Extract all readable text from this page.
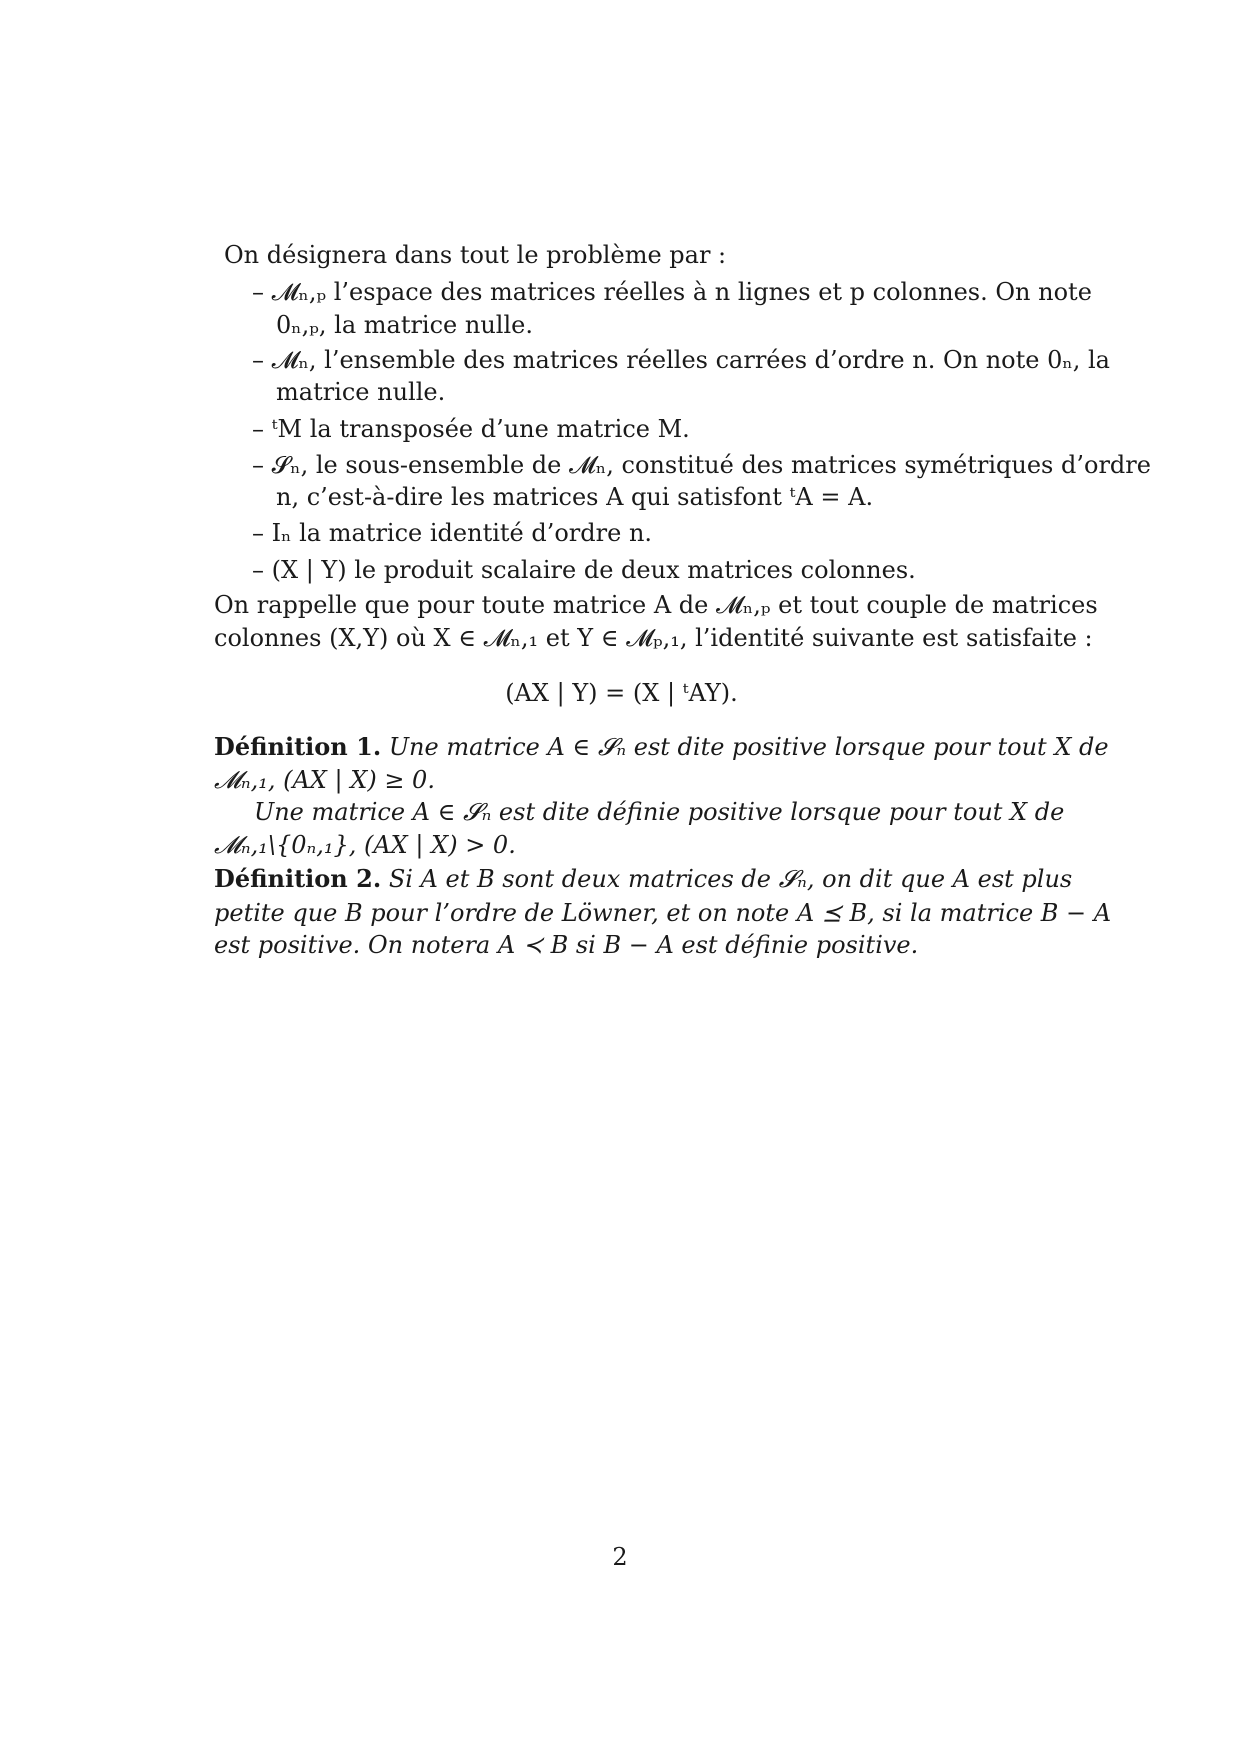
On désignera dans tout le problème par :
– 𝓜ₙ,ₚ l’espace des matrices réelles à n lignes et p colonnes. On note
0ₙ,ₚ, la matrice nulle.
– 𝓜ₙ, l’ensemble des matrices réelles carrées d’ordre n. On note 0ₙ, la
matrice nulle.
– ᵗM la transposée d’une matrice M.
– 𝓢ₙ, le sous-ensemble de 𝓜ₙ, constitué des matrices symétriques d’ordre
n, c’est-à-dire les matrices A qui satisfont ᵗA = A.
– Iₙ la matrice identité d’ordre n.
– (X | Y) le produit scalaire de deux matrices colonnes.
On rappelle que pour toute matrice A de 𝓜ₙ,ₚ et tout couple de matrices
colonnes (X,Y) où X ∈ 𝓜ₙ,₁ et Y ∈ 𝓜ₚ,₁, l’identité suivante est satisfaite :
(AX | Y) = (X | ᵗAY).
Définition 1. Une matrice A ∈ 𝓢ₙ est dite positive lorsque pour tout X de
𝓜ₙ,₁, (AX | X) ≥ 0.
Une matrice A ∈ 𝓢ₙ est dite définie positive lorsque pour tout X de
𝓜ₙ,₁\{0ₙ,₁}, (AX | X) > 0.
Définition 2. Si A et B sont deux matrices de 𝓢ₙ, on dit que A est plus
petite que B pour l’ordre de Löwner, et on note A ⪯ B, si la matrice B − A
est positive. On notera A ≺ B si B − A est définie positive.
2
